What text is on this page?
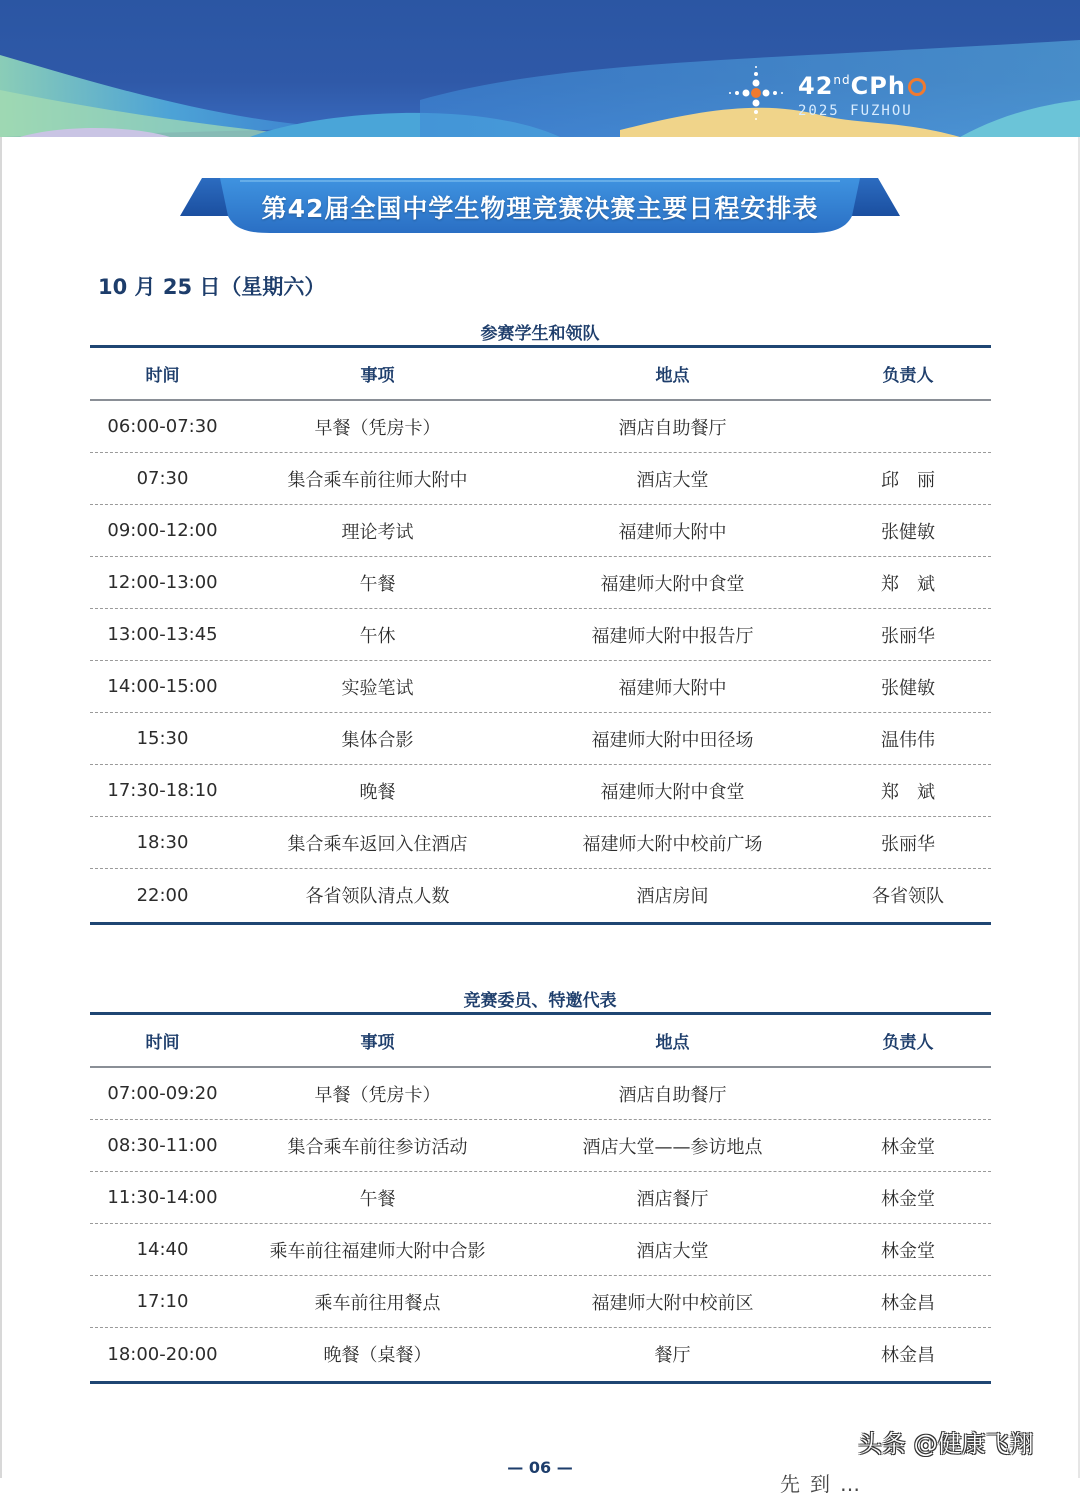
42ndCPh
2025 FUZHOU
第42届全国中学生物理竞赛决赛主要日程安排表
10 月 25 日（星期六）
参赛学生和领队
时间	事项	地点	负责人
06:00-07:30	早餐（凭房卡）	酒店自助餐厅
07:30	集合乘车前往师大附中	酒店大堂	邱　丽
09:00-12:00	理论考试	福建师大附中	张健敏
12:00-13:00	午餐	福建师大附中食堂	郑　斌
13:00-13:45	午休	福建师大附中报告厅	张丽华
14:00-15:00	实验笔试	福建师大附中	张健敏
15:30	集体合影	福建师大附中田径场	温伟伟
17:30-18:10	晚餐	福建师大附中食堂	郑　斌
18:30	集合乘车返回入住酒店	福建师大附中校前广场	张丽华
22:00	各省领队清点人数	酒店房间	各省领队
竞赛委员、特邀代表
时间	事项	地点	负责人
07:00-09:20	早餐（凭房卡）	酒店自助餐厅
08:30-11:00	集合乘车前往参访活动	酒店大堂——参访地点	林金堂
11:30-14:00	午餐	酒店餐厅	林金堂
14:40	乘车前往福建师大附中合影	酒店大堂	林金堂
17:10	乘车前往用餐点	福建师大附中校前区	林金昌
18:00-20:00	晚餐（桌餐）	餐厅	林金昌
头条 @健康飞翔
— 06 —
先到…
